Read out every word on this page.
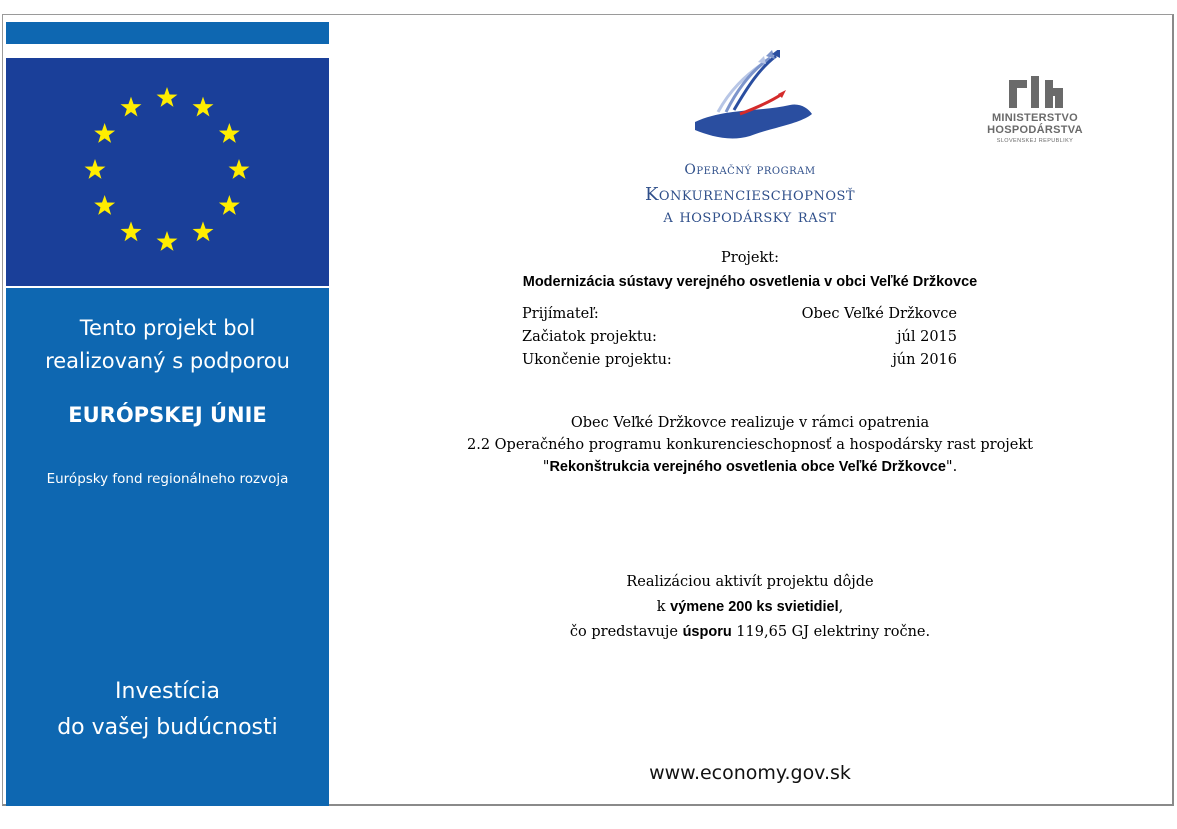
Tento projekt bol
realizovaný s podporou
EURÓPSKEJ ÚNIE
Európsky fond regionálneho rozvoja
Investícia
do vašej budúcnosti
Operačný program
Konkurencieschopnosť
a hospodársky rast
MINISTERSTVO
HOSPODÁRSTVA
SLOVENSKEJ REPUBLIKY
Projekt:
Modernizácia sústavy verejného osvetlenia v obci Veľké Držkovce
Prijímateľ:	Obec Veľké Držkovce
Začiatok projektu:	júl 2015
Ukončenie projektu:	jún 2016
Obec Veľké Držkovce realizuje v rámci opatrenia
2.2 Operačného programu konkurencieschopnosť a hospodársky rast projekt
"Rekonštrukcia verejného osvetlenia obce Veľké Držkovce".
Realizáciou aktivít projektu dôjde
k výmene 200 ks svietidiel,
čo predstavuje úsporu 119,65 GJ elektriny ročne.
www.economy.gov.sk
